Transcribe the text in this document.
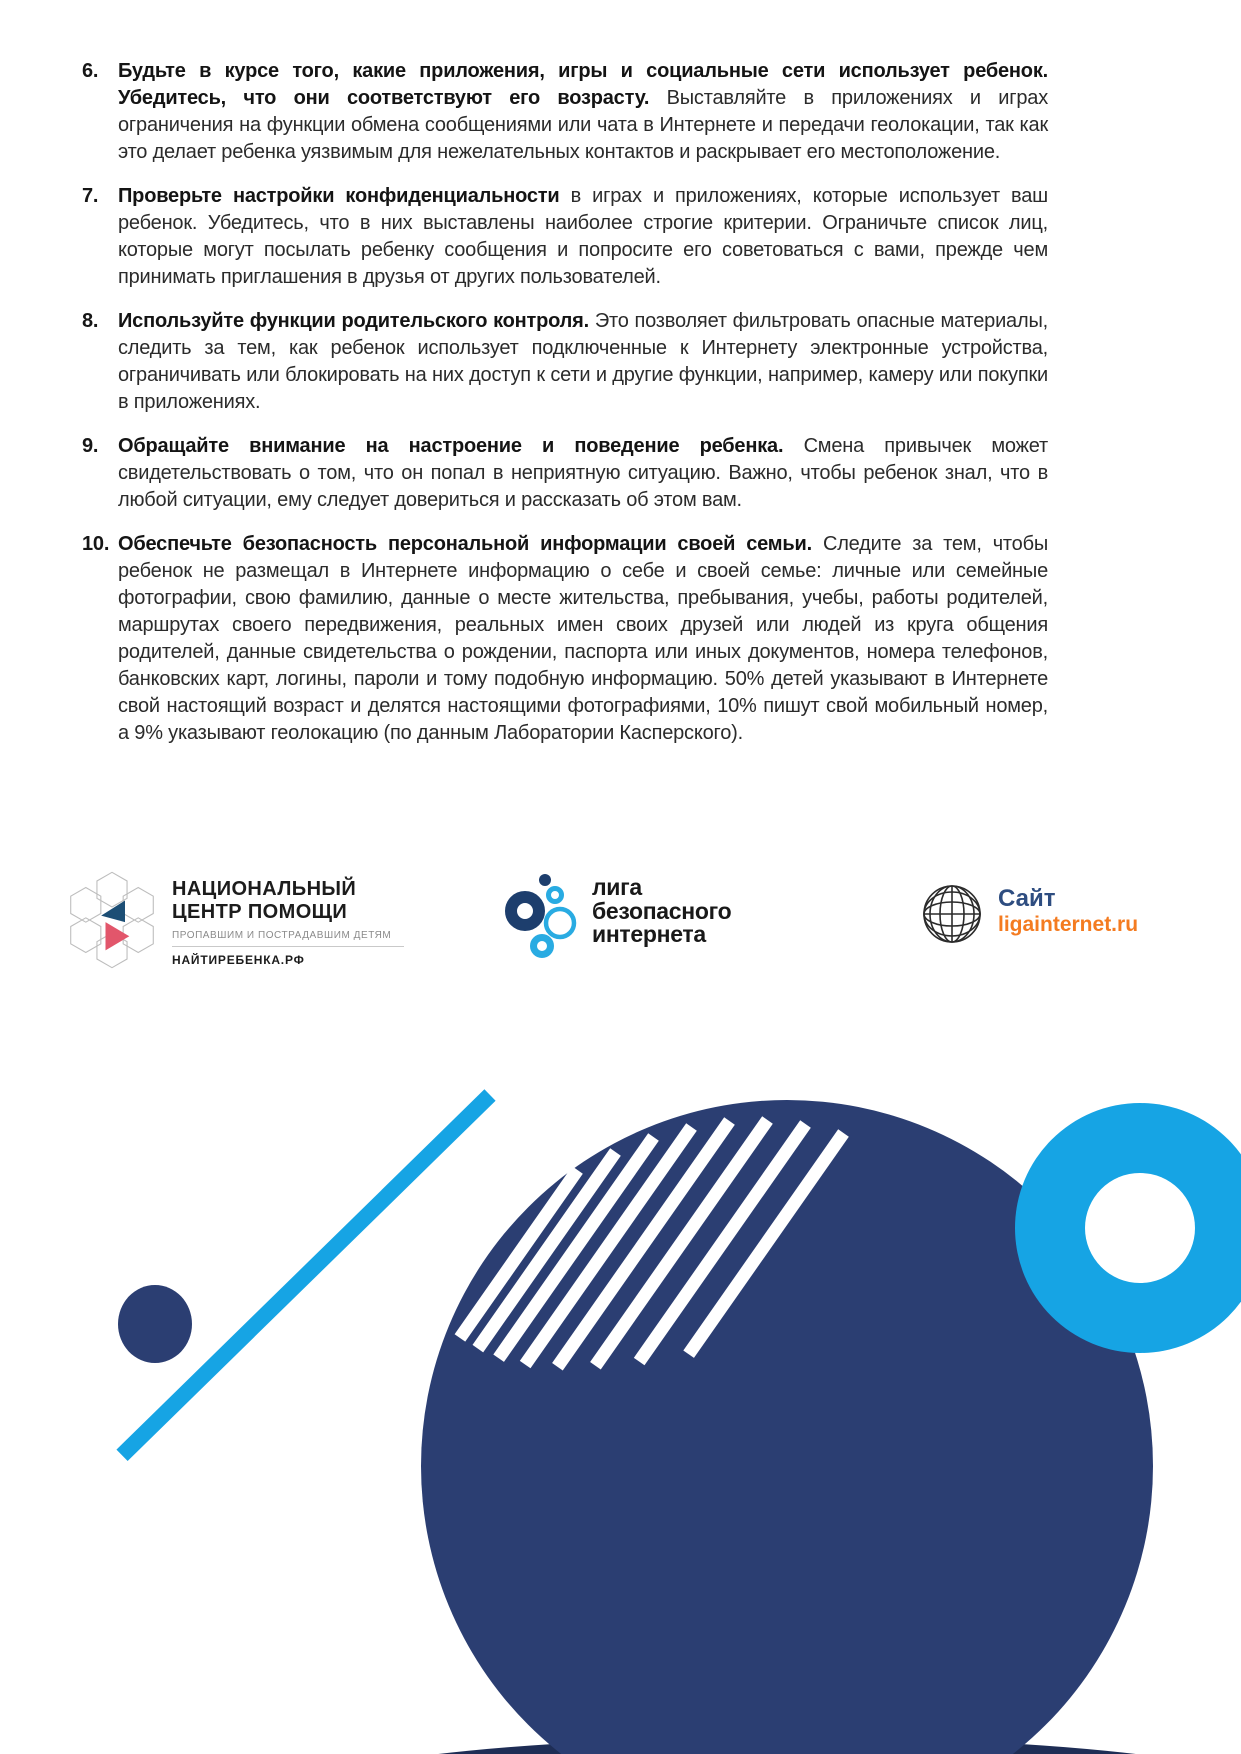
6. Будьте в курсе того, какие приложения, игры и социальные сети использует ребенок. Убедитесь, что они соответствуют его возрасту. Выставляйте в приложениях и играх ограничения на функции обмена сообщениями или чата в Интернете и передачи геолокации, так как это делает ребенка уязвимым для нежелательных контактов и раскрывает его местоположение.

7. Проверьте настройки конфиденциальности в играх и приложениях, которые использует ваш ребенок. Убедитесь, что в них выставлены наиболее строгие критерии. Ограничьте список лиц, которые могут посылать ребенку сообщения и попросите его советоваться с вами, прежде чем принимать приглашения в друзья от других пользователей.

8. Используйте функции родительского контроля. Это позволяет фильтровать опасные материалы, следить за тем, как ребенок использует подключенные к Интернету электронные устройства, ограничивать или блокировать на них доступ к сети и другие функции, например, камеру или покупки в приложениях.

9. Обращайте внимание на настроение и поведение ребенка. Смена привычек может свидетельствовать о том, что он попал в неприятную ситуацию. Важно, чтобы ребенок знал, что в любой ситуации, ему следует довериться и рассказать об этом вам.

10. Обеспечьте безопасность персональной информации своей семьи. Следите за тем, чтобы ребенок не размещал в Интернете информацию о себе и своей семье: личные или семейные фотографии, свою фамилию, данные о месте жительства, пребывания, учебы, работы родителей, маршрутах своего передвижения, реальных имен своих друзей или людей из круга общения родителей, данные свидетельства о рождении, паспорта или иных документов, номера телефонов, банковских карт, логины, пароли и тому подобную информацию. 50% детей указывают в Интернете свой настоящий возраст и делятся настоящими фотографиями, 10% пишут свой мобильный номер, а 9% указывают геолокацию (по данным Лаборатории Касперского).

НАЦИОНАЛЬНЫЙ
ЦЕНТР ПОМОЩИ
ПРОПАВШИМ И ПОСТРАДАВШИМ ДЕТЯМ
НАЙТИРЕБЕНКА.РФ
лига
безопасного
интернета
Сайт
ligainternet.ru
